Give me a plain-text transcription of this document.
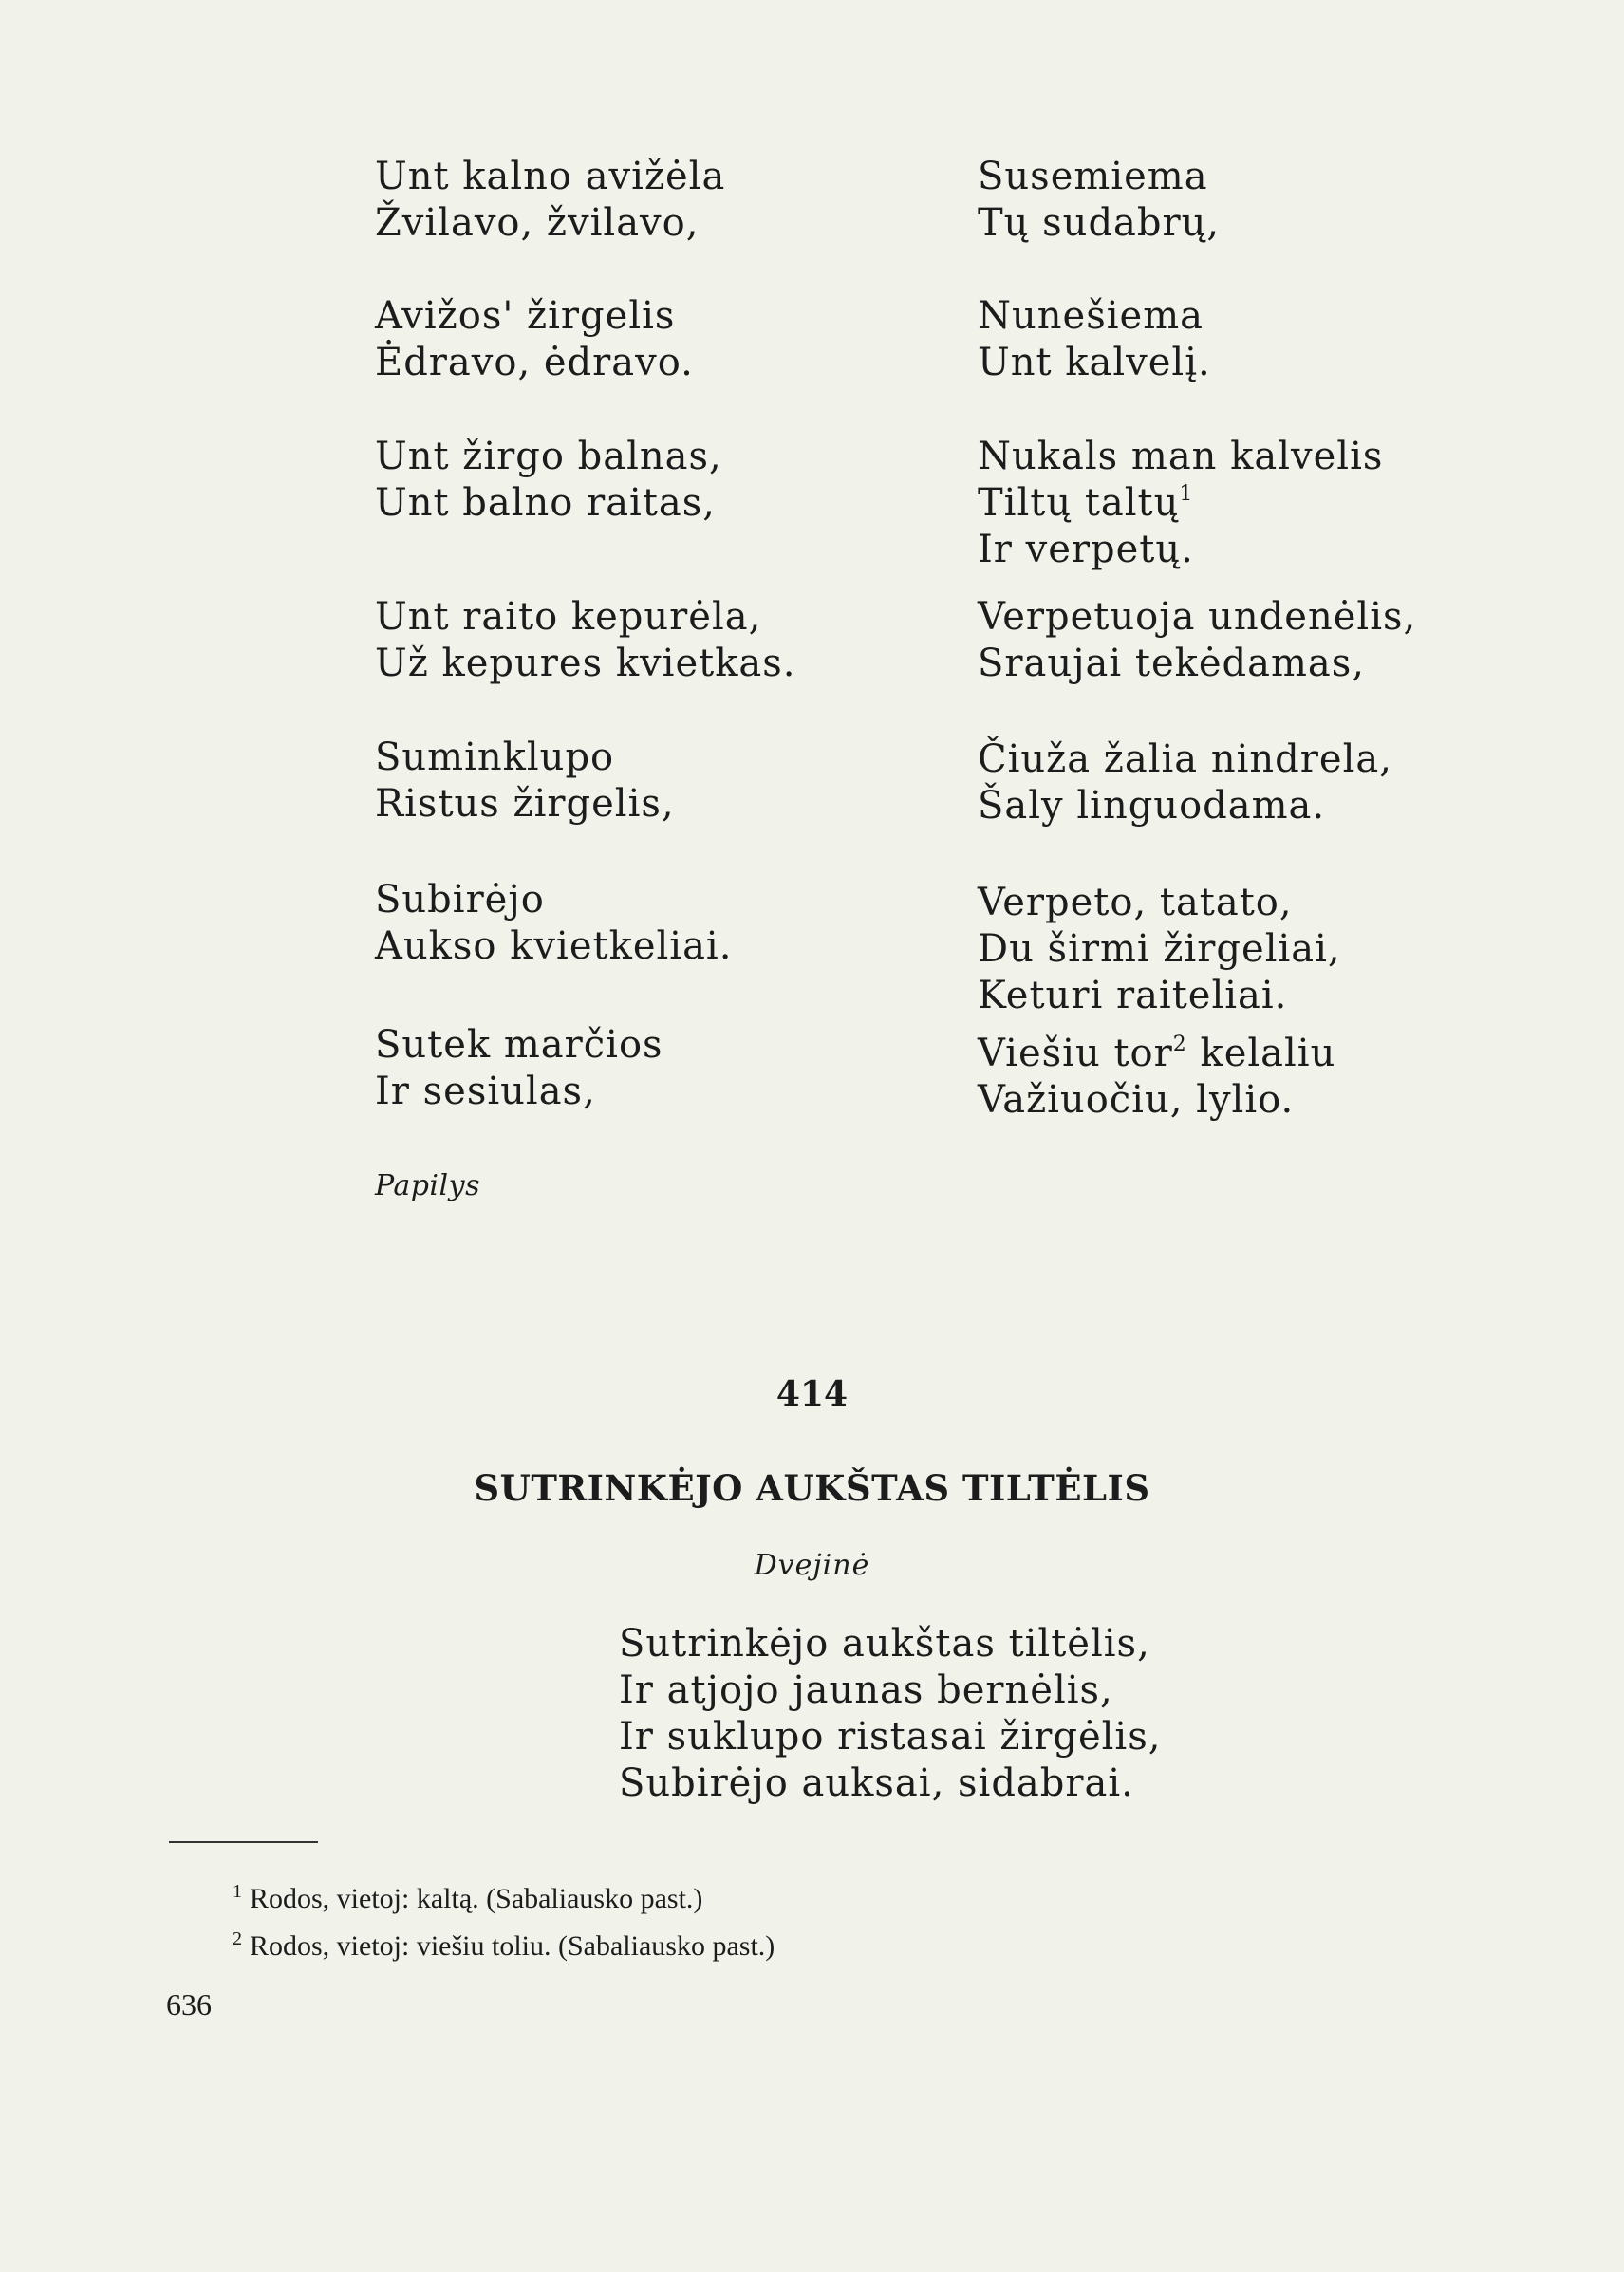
Unt kalno avižėla
Žvilavo, žvilavo,
Avižos' žirgelis
Ėdravo, ėdravo.
Unt žirgo balnas,
Unt balno raitas,
Unt raito kepurėla,
Už kepures kvietkas.
Suminklupo
Ristus žirgelis,
Subirėjo
Aukso kvietkeliai.
Sutek marčios
Ir sesiulas,
Papilys
Susemiema
Tų sudabrų,
Nunešiema
Unt kalvelį.
Nukals man kalvelis
Tiltų taltų$^1$
Ir verpetų.
Verpetuoja undenėlis,
Sraujai tekėdamas,
Čiuža žalia nindrela,
Šaly linguodama.
Verpeto, tatato,
Du širmi žirgeliai,
Keturi raiteliai.
Viešiu tor$^2$ kelaliu
Važiuočiu, lylio.
414
SUTRINKĖJO AUKŠTAS TILTĖLIS
Dvejinė
Sutrinkėjo aukštas tiltėlis,
Ir atjojo jaunas bernėlis,
Ir suklupo ristasai žirgėlis,
Subirėjo auksai, sidabrai.
$^1$ Rodos, vietoj: kaltą. (Sabaliausko past.)
$^2$ Rodos, vietoj: viešiu toliu. (Sabaliausko past.)
636
